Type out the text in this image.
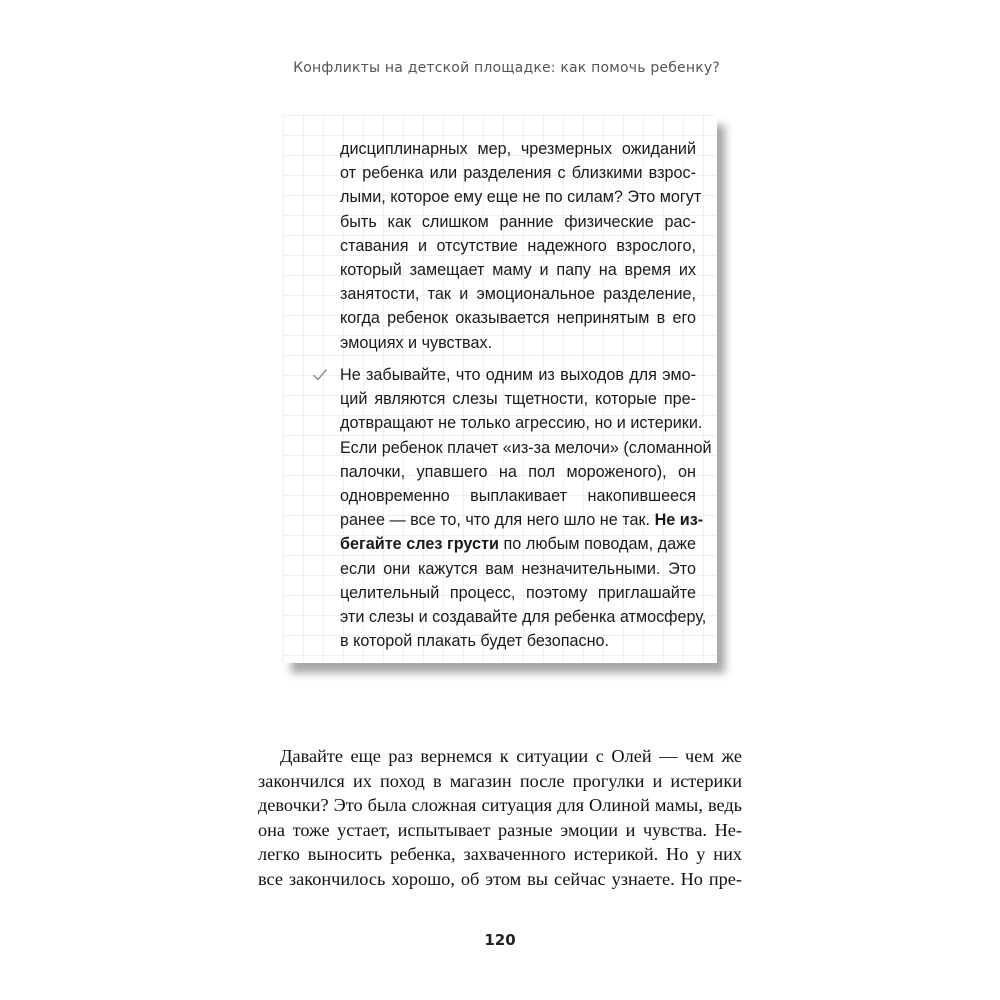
Конфликты на детской площадке: как помочь ребенку?
дисциплинарных мер, чрезмерных ожиданий
от ребенка или разделения с близкими взрос-
лыми, которое ему еще не по силам? Это могут
быть как слишком ранние физические рас-
ставания и отсутствие надежного взрослого,
который замещает маму и папу на время их
занятости, так и эмоциональное разделение,
когда ребенок оказывается непринятым в его
эмоциях и чувствах.
Не забывайте, что одним из выходов для эмо-
ций являются слезы тщетности, которые пре-
дотвращают не только агрессию, но и истерики.
Если ребенок плачет «из-за мелочи» (сломанной
палочки, упавшего на пол мороженого), он
одновременно выплакивает накопившееся
ранее — все то, что для него шло не так. Не из-
бегайте слез грусти по любым поводам, даже
если они кажутся вам незначительными. Это
целительный процесс, поэтому приглашайте
эти слезы и создавайте для ребенка атмосферу,
в которой плакать будет безопасно.
Давайте еще раз вернемся к ситуации с Олей — чем же
закончился их поход в магазин после прогулки и истерики
девочки? Это была сложная ситуация для Олиной мамы, ведь
она тоже устает, испытывает разные эмоции и чувства. Не-
легко выносить ребенка, захваченного истерикой. Но у них
все закончилось хорошо, об этом вы сейчас узнаете. Но пре-
120
